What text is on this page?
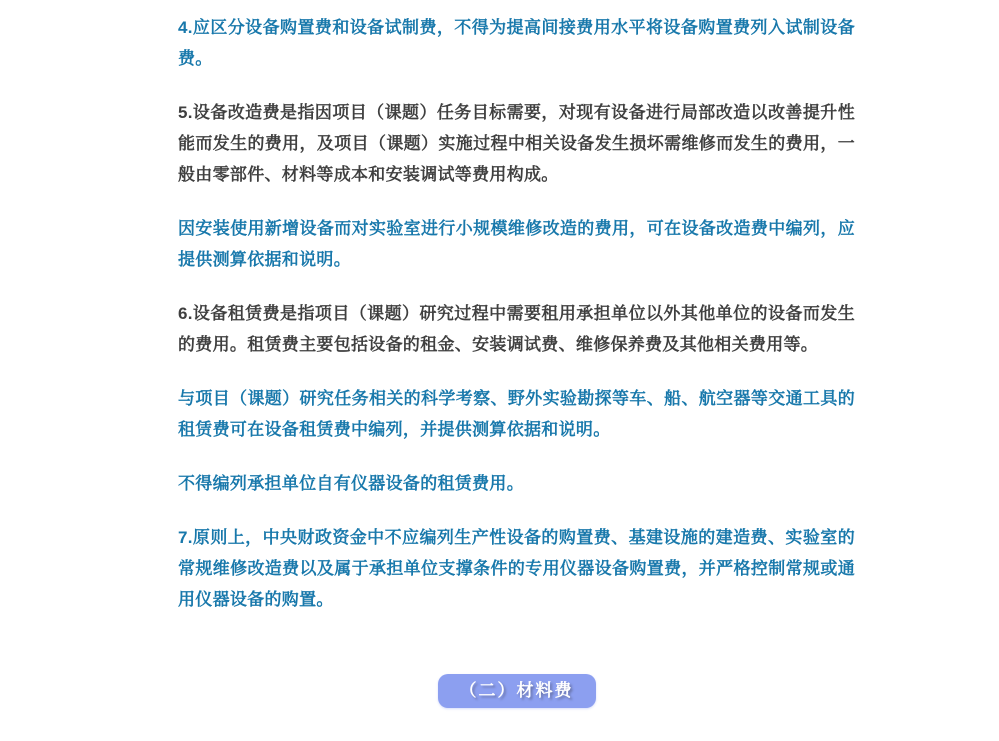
4.应区分设备购置费和设备试制费，不得为提高间接费用水平将设备购置费列入试制设备费。

5.设备改造费是指因项目（课题）任务目标需要，对现有设备进行局部改造以改善提升性能而发生的费用，及项目（课题）实施过程中相关设备发生损坏需维修而发生的费用，一般由零部件、材料等成本和安装调试等费用构成。

因安装使用新增设备而对实验室进行小规模维修改造的费用，可在设备改造费中编列，应提供测算依据和说明。

6.设备租赁费是指项目（课题）研究过程中需要租用承担单位以外其他单位的设备而发生的费用。租赁费主要包括设备的租金、安装调试费、维修保养费及其他相关费用等。

与项目（课题）研究任务相关的科学考察、野外实验勘探等车、船、航空器等交通工具的租赁费可在设备租赁费中编列，并提供测算依据和说明。

不得编列承担单位自有仪器设备的租赁费用。

7.原则上，中央财政资金中不应编列生产性设备的购置费、基建设施的建造费、实验室的常规维修改造费以及属于承担单位支撑条件的专用仪器设备购置费，并严格控制常规或通用仪器设备的购置。

（二）材料费
